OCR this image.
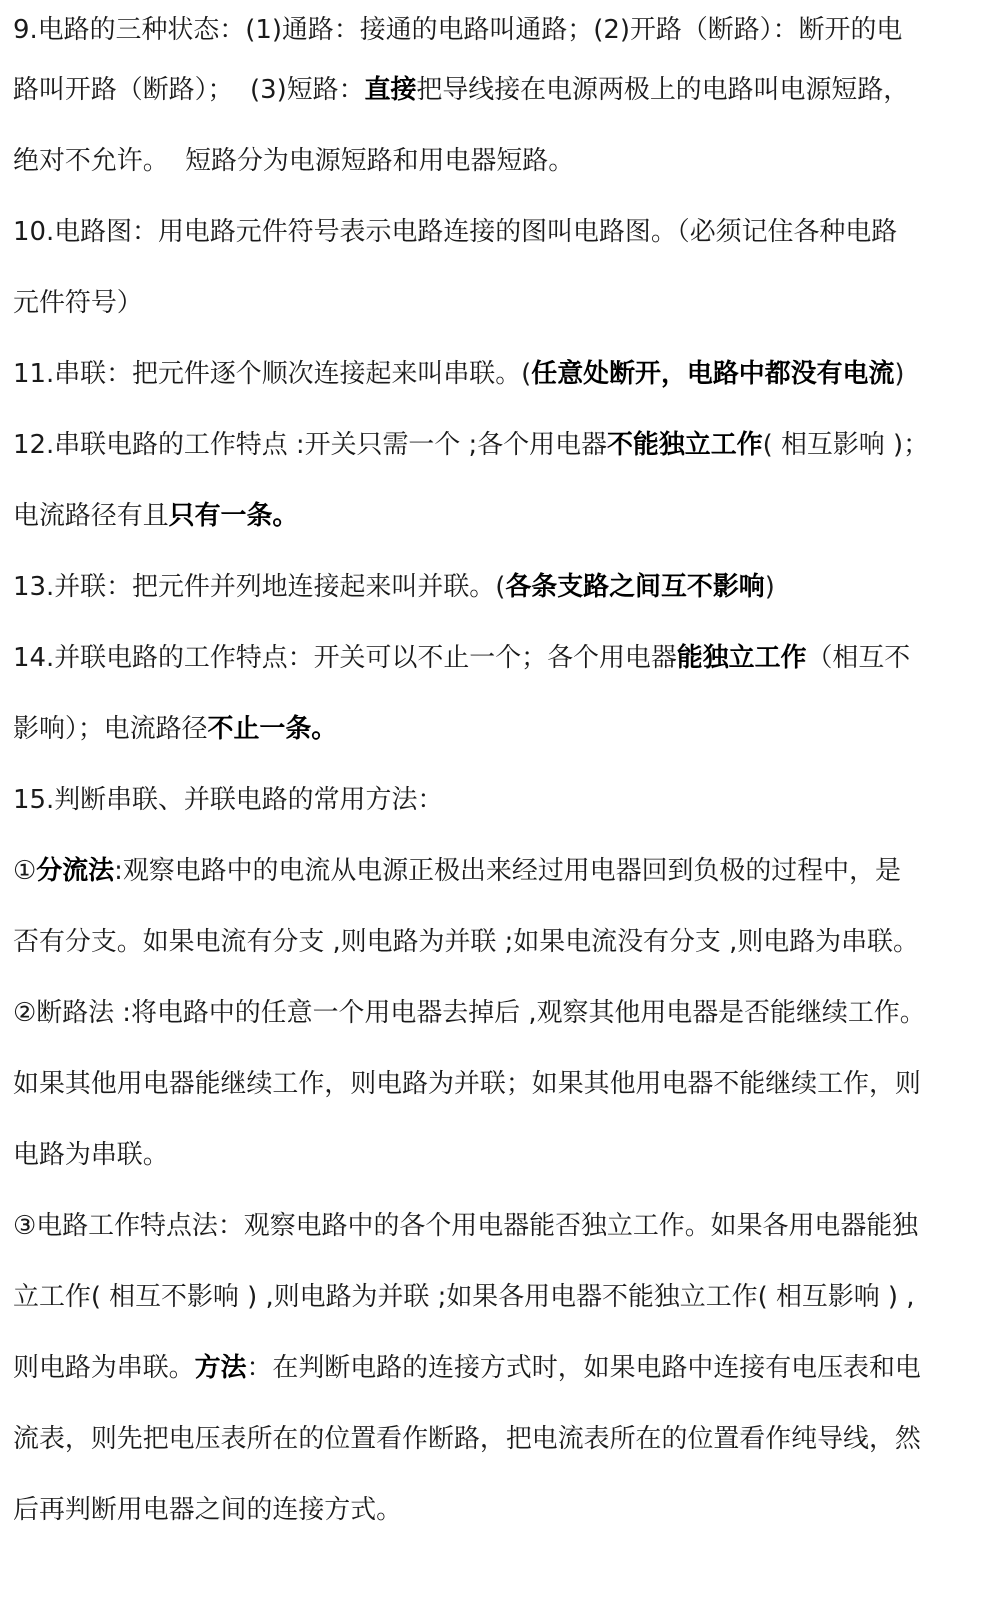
9.电路的三种状态：(1)通路：接通的电路叫通路；(2)开路（断路）：断开的电
路叫开路（断路）；  (3)短路：直接把导线接在电源两极上的电路叫电源短路，
绝对不允许。  短路分为电源短路和用电器短路。
10.电路图：用电路元件符号表示电路连接的图叫电路图。（必须记住各种电路
元件符号）
11.串联：把元件逐个顺次连接起来叫串联。(任意处断开，电路中都没有电流)
12.串联电路的工作特点 :开关只需一个 ;各个用电器不能独立工作( 相互影响 )；
电流路径有且只有一条。
13.并联：把元件并列地连接起来叫并联。(各条支路之间互不影响)
14.并联电路的工作特点：开关可以不止一个；各个用电器能独立工作（相互不
影响）；电流路径不止一条。
15.判断串联、并联电路的常用方法：
①分流法:观察电路中的电流从电源正极出来经过用电器回到负极的过程中，是
否有分支。如果电流有分支 ,则电路为并联 ;如果电流没有分支 ,则电路为串联。
②断路法 :将电路中的任意一个用电器去掉后 ,观察其他用电器是否能继续工作。
如果其他用电器能继续工作，则电路为并联；如果其他用电器不能继续工作，则
电路为串联。
③电路工作特点法：观察电路中的各个用电器能否独立工作。如果各用电器能独
立工作( 相互不影响 ) ,则电路为并联 ;如果各用电器不能独立工作( 相互影响 ) ,
则电路为串联。方法：在判断电路的连接方式时，如果电路中连接有电压表和电
流表，则先把电压表所在的位置看作断路，把电流表所在的位置看作纯导线，然
后再判断用电器之间的连接方式。
